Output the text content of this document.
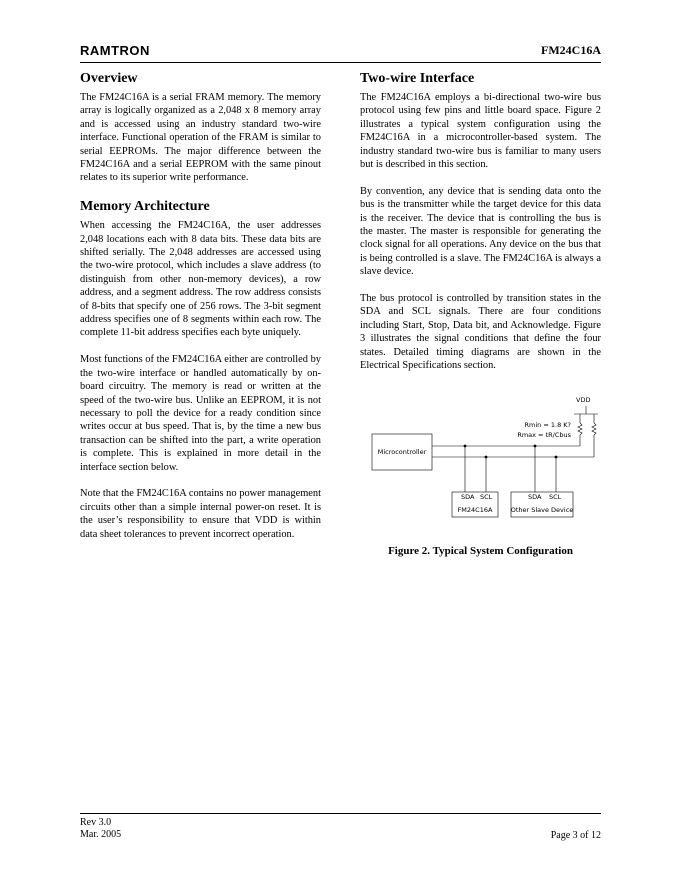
RAMTRON	FM24C16A
Overview

The FM24C16A is a serial FRAM memory. The memory array is logically organized as a 2,048 x 8 memory array and is accessed using an industry standard two-wire interface. Functional operation of the FRAM is similar to serial EEPROMs. The major difference between the FM24C16A and a serial EEPROM with the same pinout relates to its superior write performance.

Memory Architecture

When accessing the FM24C16A, the user addresses 2,048 locations each with 8 data bits. These data bits are shifted serially. The 2,048 addresses are accessed using the two-wire protocol, which includes a slave address (to distinguish from other non-memory devices), a row address, and a segment address. The row address consists of 8-bits that specify one of 256 rows. The 3-bit segment address specifies one of 8 segments within each row. The complete 11-bit address specifies each byte uniquely.

Most functions of the FM24C16A either are controlled by the two-wire interface or handled automatically by on-board circuitry. The memory is read or written at the speed of the two-wire bus. Unlike an EEPROM, it is not necessary to poll the device for a ready condition since writes occur at bus speed. That is, by the time a new bus transaction can be shifted into the part, a write operation is complete. This is explained in more detail in the interface section below.

Note that the FM24C16A contains no power management circuits other than a simple internal power-on reset. It is the user’s responsibility to ensure that VDD is within data sheet tolerances to prevent incorrect operation.

Two-wire Interface

The FM24C16A employs a bi-directional two-wire bus protocol using few pins and little board space. Figure 2 illustrates a typical system configuration using the FM24C16A in a microcontroller-based system. The industry standard two-wire bus is familiar to many users but is described in this section.

By convention, any device that is sending data onto the bus is the transmitter while the target device for this data is the receiver. The device that is controlling the bus is the master. The master is responsible for generating the clock signal for all operations. Any device on the bus that is being controlled is a slave. The FM24C16A is always a slave device.

The bus protocol is controlled by transition states in the SDA and SCL signals. There are four conditions including Start, Stop, Data bit, and Acknowledge. Figure 3 illustrates the signal conditions that define the four states. Detailed timing diagrams are shown in the Electrical Specifications section.

VDD
Rmin = 1.8 K?
Rmax = tR/Cbus
Microcontroller
SDA SCL
FM24C16A
SDA SCL
Other Slave Device
Figure 2. Typical System Configuration
Rev 3.0
Mar. 2005	Page 3 of 12
